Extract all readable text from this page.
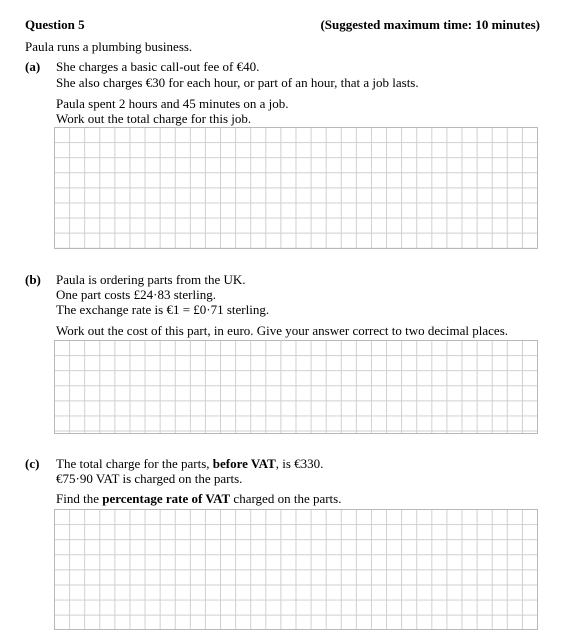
Question 5	(Suggested maximum time: 10 minutes)
Paula runs a plumbing business.
(a) She charges a basic call-out fee of €40.
She also charges €30 for each hour, or part of an hour, that a job lasts.
Paula spent 2 hours and 45 minutes on a job.
Work out the total charge for this job.
(b) Paula is ordering parts from the UK.
One part costs £24·83 sterling.
The exchange rate is €1 = £0·71 sterling.
Work out the cost of this part, in euro. Give your answer correct to two decimal places.
(c) The total charge for the parts, before VAT, is €330.
€75·90 VAT is charged on the parts.
Find the percentage rate of VAT charged on the parts.
